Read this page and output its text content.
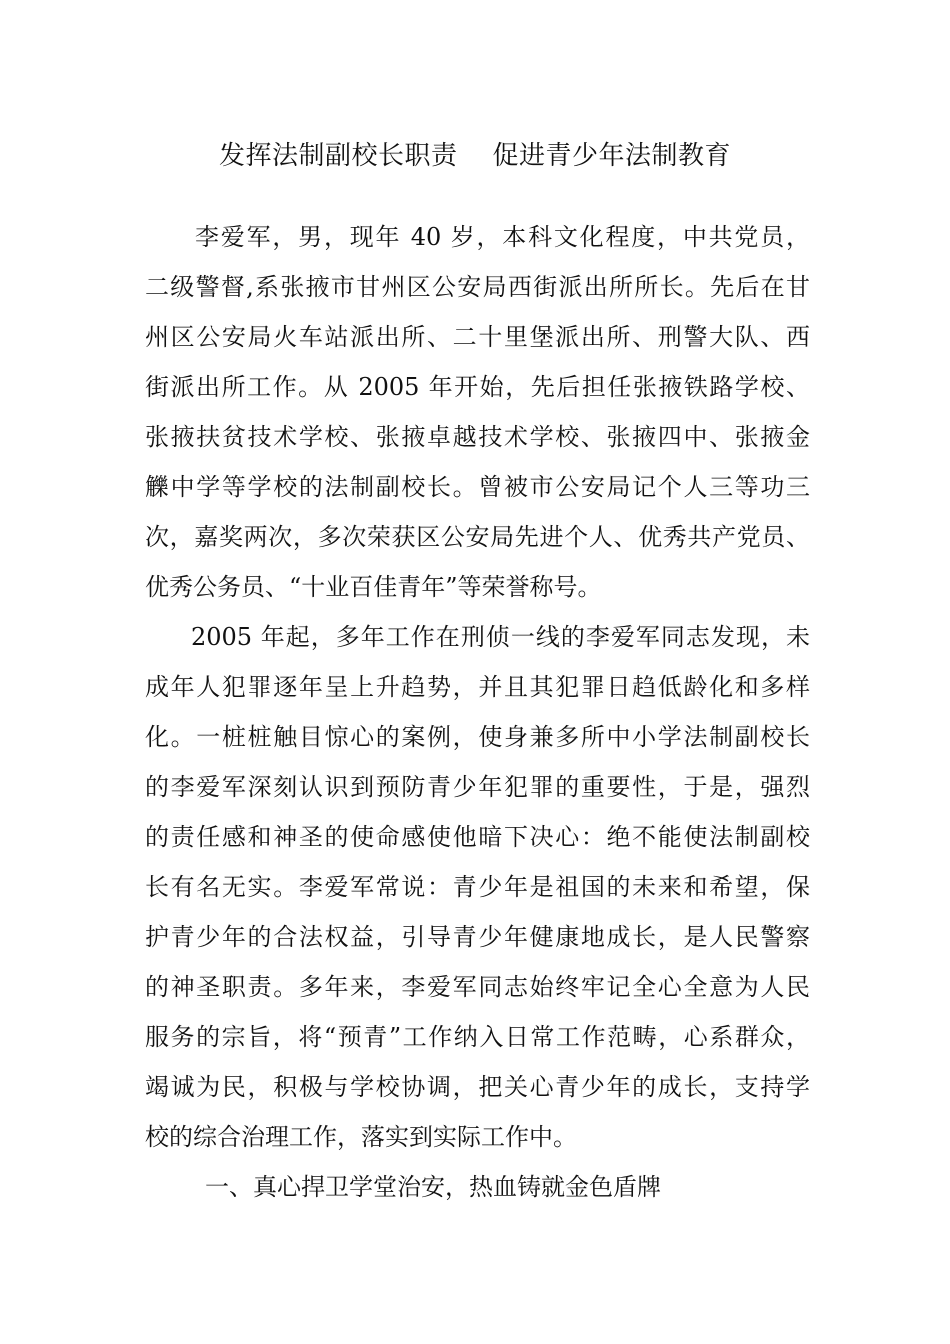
发挥法制副校长职责    促进青少年法制教育
李爱军，男，现年 40 岁，本科文化程度，中共党员，
二级警督,系张掖市甘州区公安局西街派出所所长。先后在甘
州区公安局火车站派出所、二十里堡派出所、刑警大队、西
街派出所工作。从 2005 年开始，先后担任张掖铁路学校、
张掖扶贫技术学校、张掖卓越技术学校、张掖四中、张掖金
觻中学等学校的法制副校长。曾被市公安局记个人三等功三
次，嘉奖两次，多次荣获区公安局先进个人、优秀共产党员、
优秀公务员、“十业百佳青年”等荣誉称号。
2005 年起，多年工作在刑侦一线的李爱军同志发现，未
成年人犯罪逐年呈上升趋势，并且其犯罪日趋低龄化和多样
化。一桩桩触目惊心的案例，使身兼多所中小学法制副校长
的李爱军深刻认识到预防青少年犯罪的重要性，于是，强烈
的责任感和神圣的使命感使他暗下决心：绝不能使法制副校
长有名无实。李爱军常说：青少年是祖国的未来和希望，保
护青少年的合法权益，引导青少年健康地成长，是人民警察
的神圣职责。多年来，李爱军同志始终牢记全心全意为人民
服务的宗旨，将“预青”工作纳入日常工作范畴，心系群众，
竭诚为民，积极与学校协调，把关心青少年的成长，支持学
校的综合治理工作，落实到实际工作中。
一、真心捍卫学堂治安，热血铸就金色盾牌
